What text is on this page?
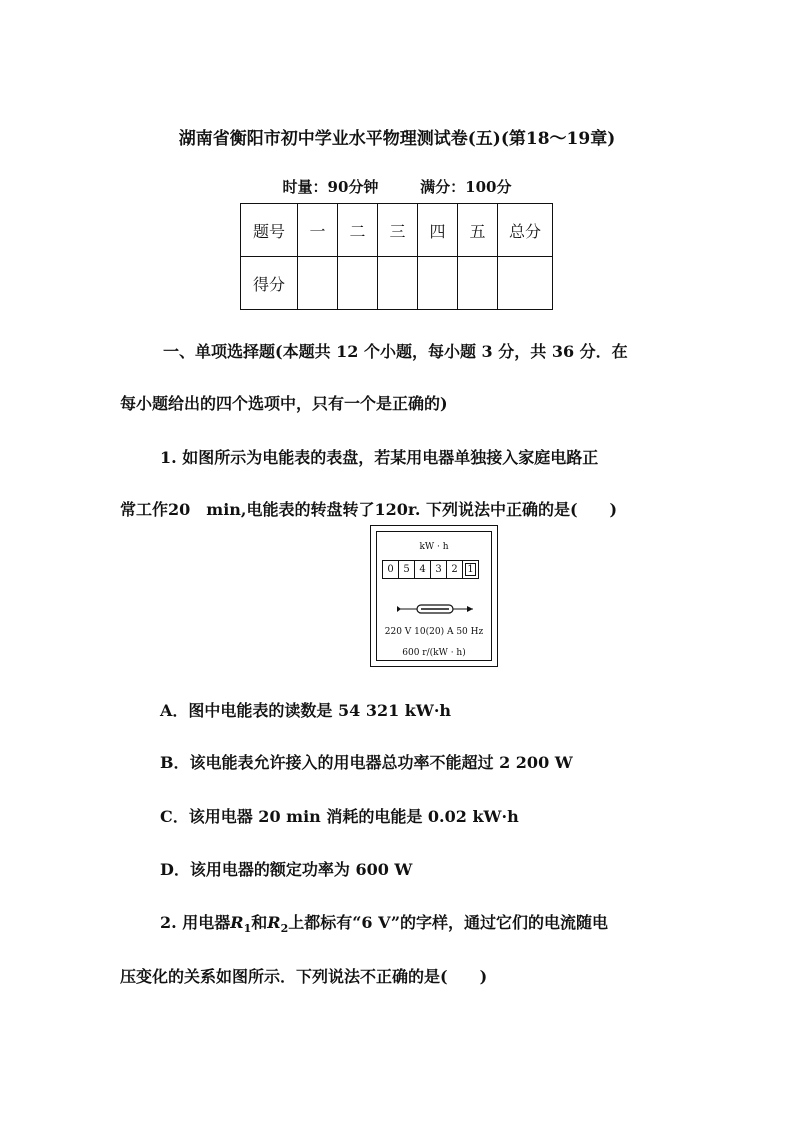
湖南省衡阳市初中学业水平物理测试卷(五)(第18～19章)
时量：90分钟	满分：100分
题号	一	二	三	四	五	总分
得分						
一、单项选择题(本题共 12 个小题，每小题 3 分，共 36 分．在
每小题给出的四个选项中，只有一个是正确的)
1. 如图所示为电能表的表盘，若某用电器单独接入家庭电路正
常工作20　min,电能表的转盘转了120r. 下列说法中正确的是(　　)
kW · h
0 5 4 3 2 1
220 V 10(20) A 50 Hz
600 r/(kW · h)
A．图中电能表的读数是 54 321 kW·h
B．该电能表允许接入的用电器总功率不能超过 2 200 W
C．该用电器 20 min 消耗的电能是 0.02 kW·h
D．该用电器的额定功率为 600 W
2. 用电器$R_1$和$R_2$上都标有“6 V”的字样，通过它们的电流随电
压变化的关系如图所示．下列说法不正确的是(　　)
